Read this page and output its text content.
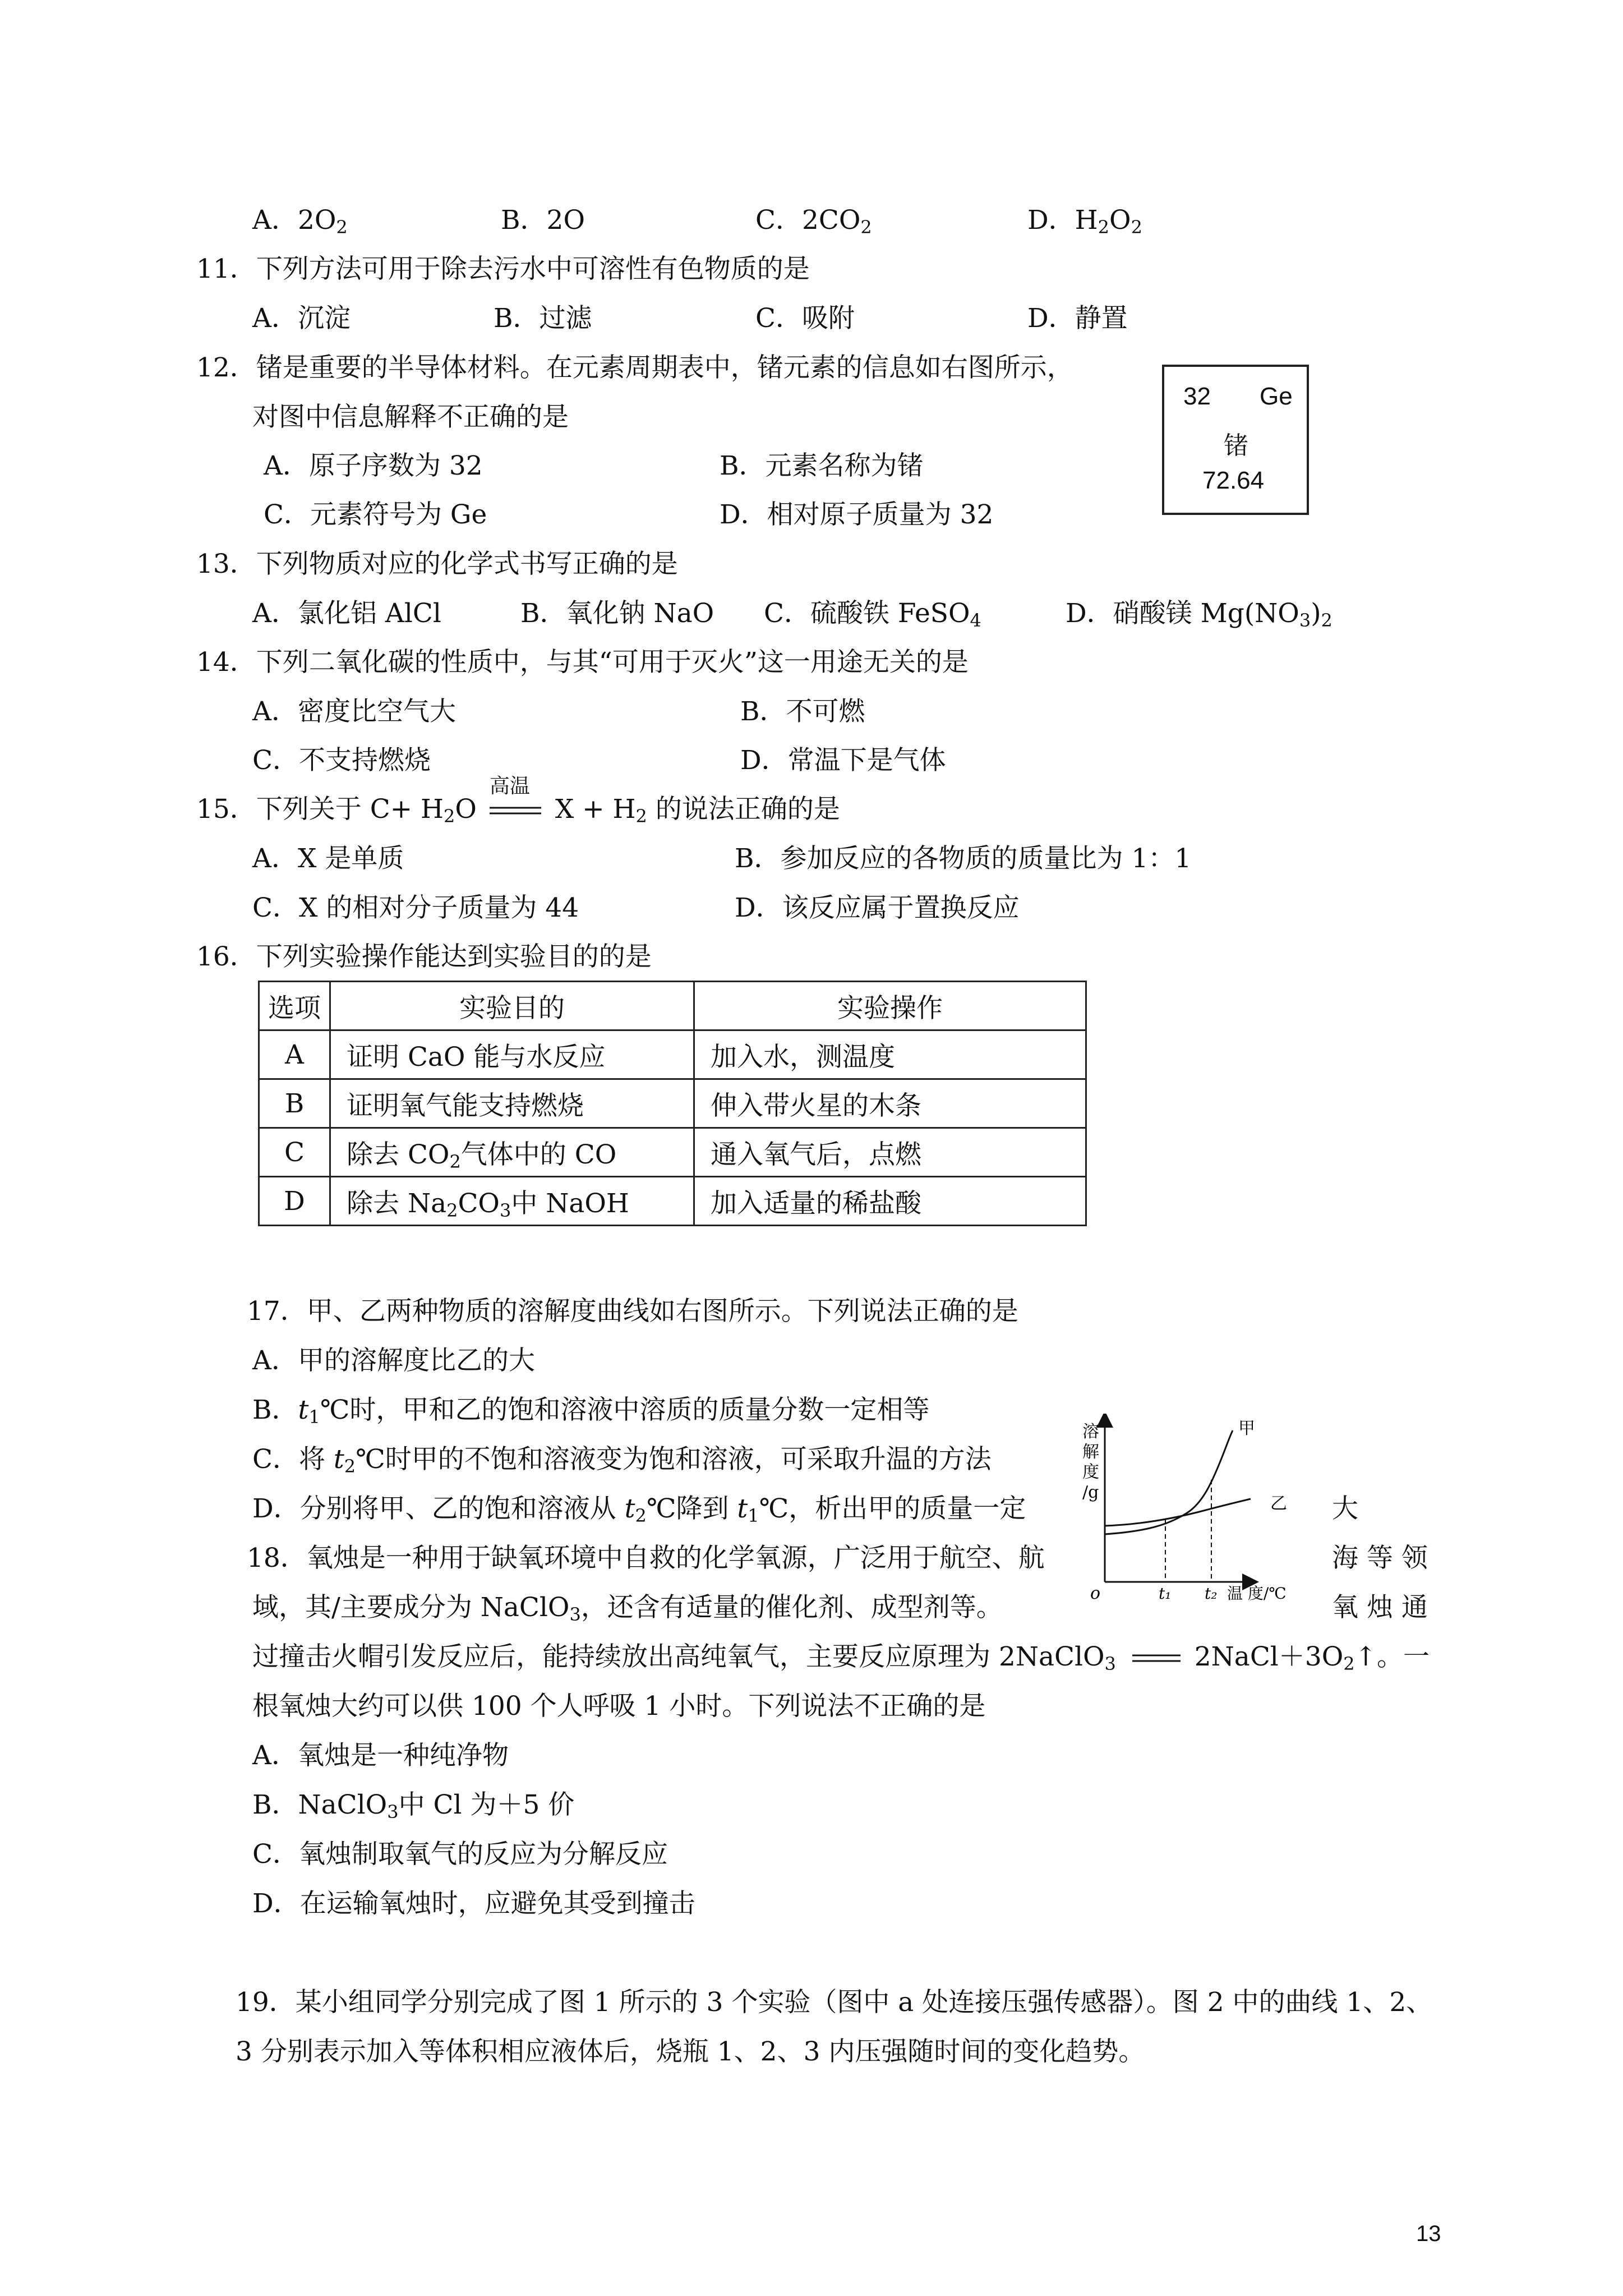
A．$2O_2$	B．2O	C．$2CO_2$	D．$H_2O_2$
11．下列方法可用于除去污水中可溶性有色物质的是
A．沉淀	B．过滤	C．吸附	D．静置
12．锗是重要的半导体材料。在元素周期表中，锗元素的信息如右图所示，
对图中信息解释不正确的是
A．原子序数为 32	B．元素名称为锗
C．元素符号为 Ge	D．相对原子质量为 32
32 Ge
锗
72.64
13．下列物质对应的化学式书写正确的是
A．氯化铝 AlCl	B．氧化钠 NaO C．硫酸铁 FeSO$_4$	D．硝酸镁 $Mg(NO_3)_2$
14．下列二氧化碳的性质中，与其“可用于灭火”这一用途无关的是
A．密度比空气大	B．不可燃
C．不支持燃烧	D．常温下是气体
15．下列关于 $C+ H_2O$
高温
$X + H_2$ 的说法正确的是
A．X 是单质	B．参加反应的各物质的质量比为 1：1
C．X 的相对分子质量为 44	D．该反应属于置换反应
16．下列实验操作能达到实验目的的是
选项	实验目的	实验操作
A	证明 CaO 能与水反应	加入水，测温度
B	证明氧气能支持燃烧	伸入带火星的木条
C	除去 $CO_2$气体中的 CO	通入氧气后，点燃
D	除去 $Na_2CO_3$中 NaOH	加入适量的稀盐酸
17．甲、乙两种物质的溶解度曲线如右图所示。下列说法正确的是
A．甲的溶解度比乙的大
B．$t_1℃$时，甲和乙的饱和溶液中溶质的质量分数一定相等
C．将 $t_2℃$时甲的不饱和溶液变为饱和溶液，可采取升温的方法
D．分别将甲、乙的饱和溶液从 $t_2℃$降到 $t_1℃$，析出甲的质量一定	大
溶
解
度
/g
o	t₁ t₂ 温 度/℃
甲
乙
18．氧烛是一种用于缺氧环境中自救的化学氧源，广泛用于航空、航	海 等 领
域，其/主要成分为 NaClO$_3$，还含有适量的催化剂、成型剂等。	氧 烛 通
过撞击火帽引发反应后，能持续放出高纯氧气，主要反应原理为 2NaClO$_3$	$2NaCl+3O_2↑$。一
根氧烛大约可以供 100 个人呼吸 1 小时。下列说法不正确的是
A．氧烛是一种纯净物
B．NaClO$_3$中 Cl 为＋5 价
C．氧烛制取氧气的反应为分解反应
D．在运输氧烛时，应避免其受到撞击
19．某小组同学分别完成了图 1 所示的 3 个实验（图中 a 处连接压强传感器）。图 2 中的曲线 1、2、
3 分别表示加入等体积相应液体后，烧瓶 1、2、3 内压强随时间的变化趋势。
13
